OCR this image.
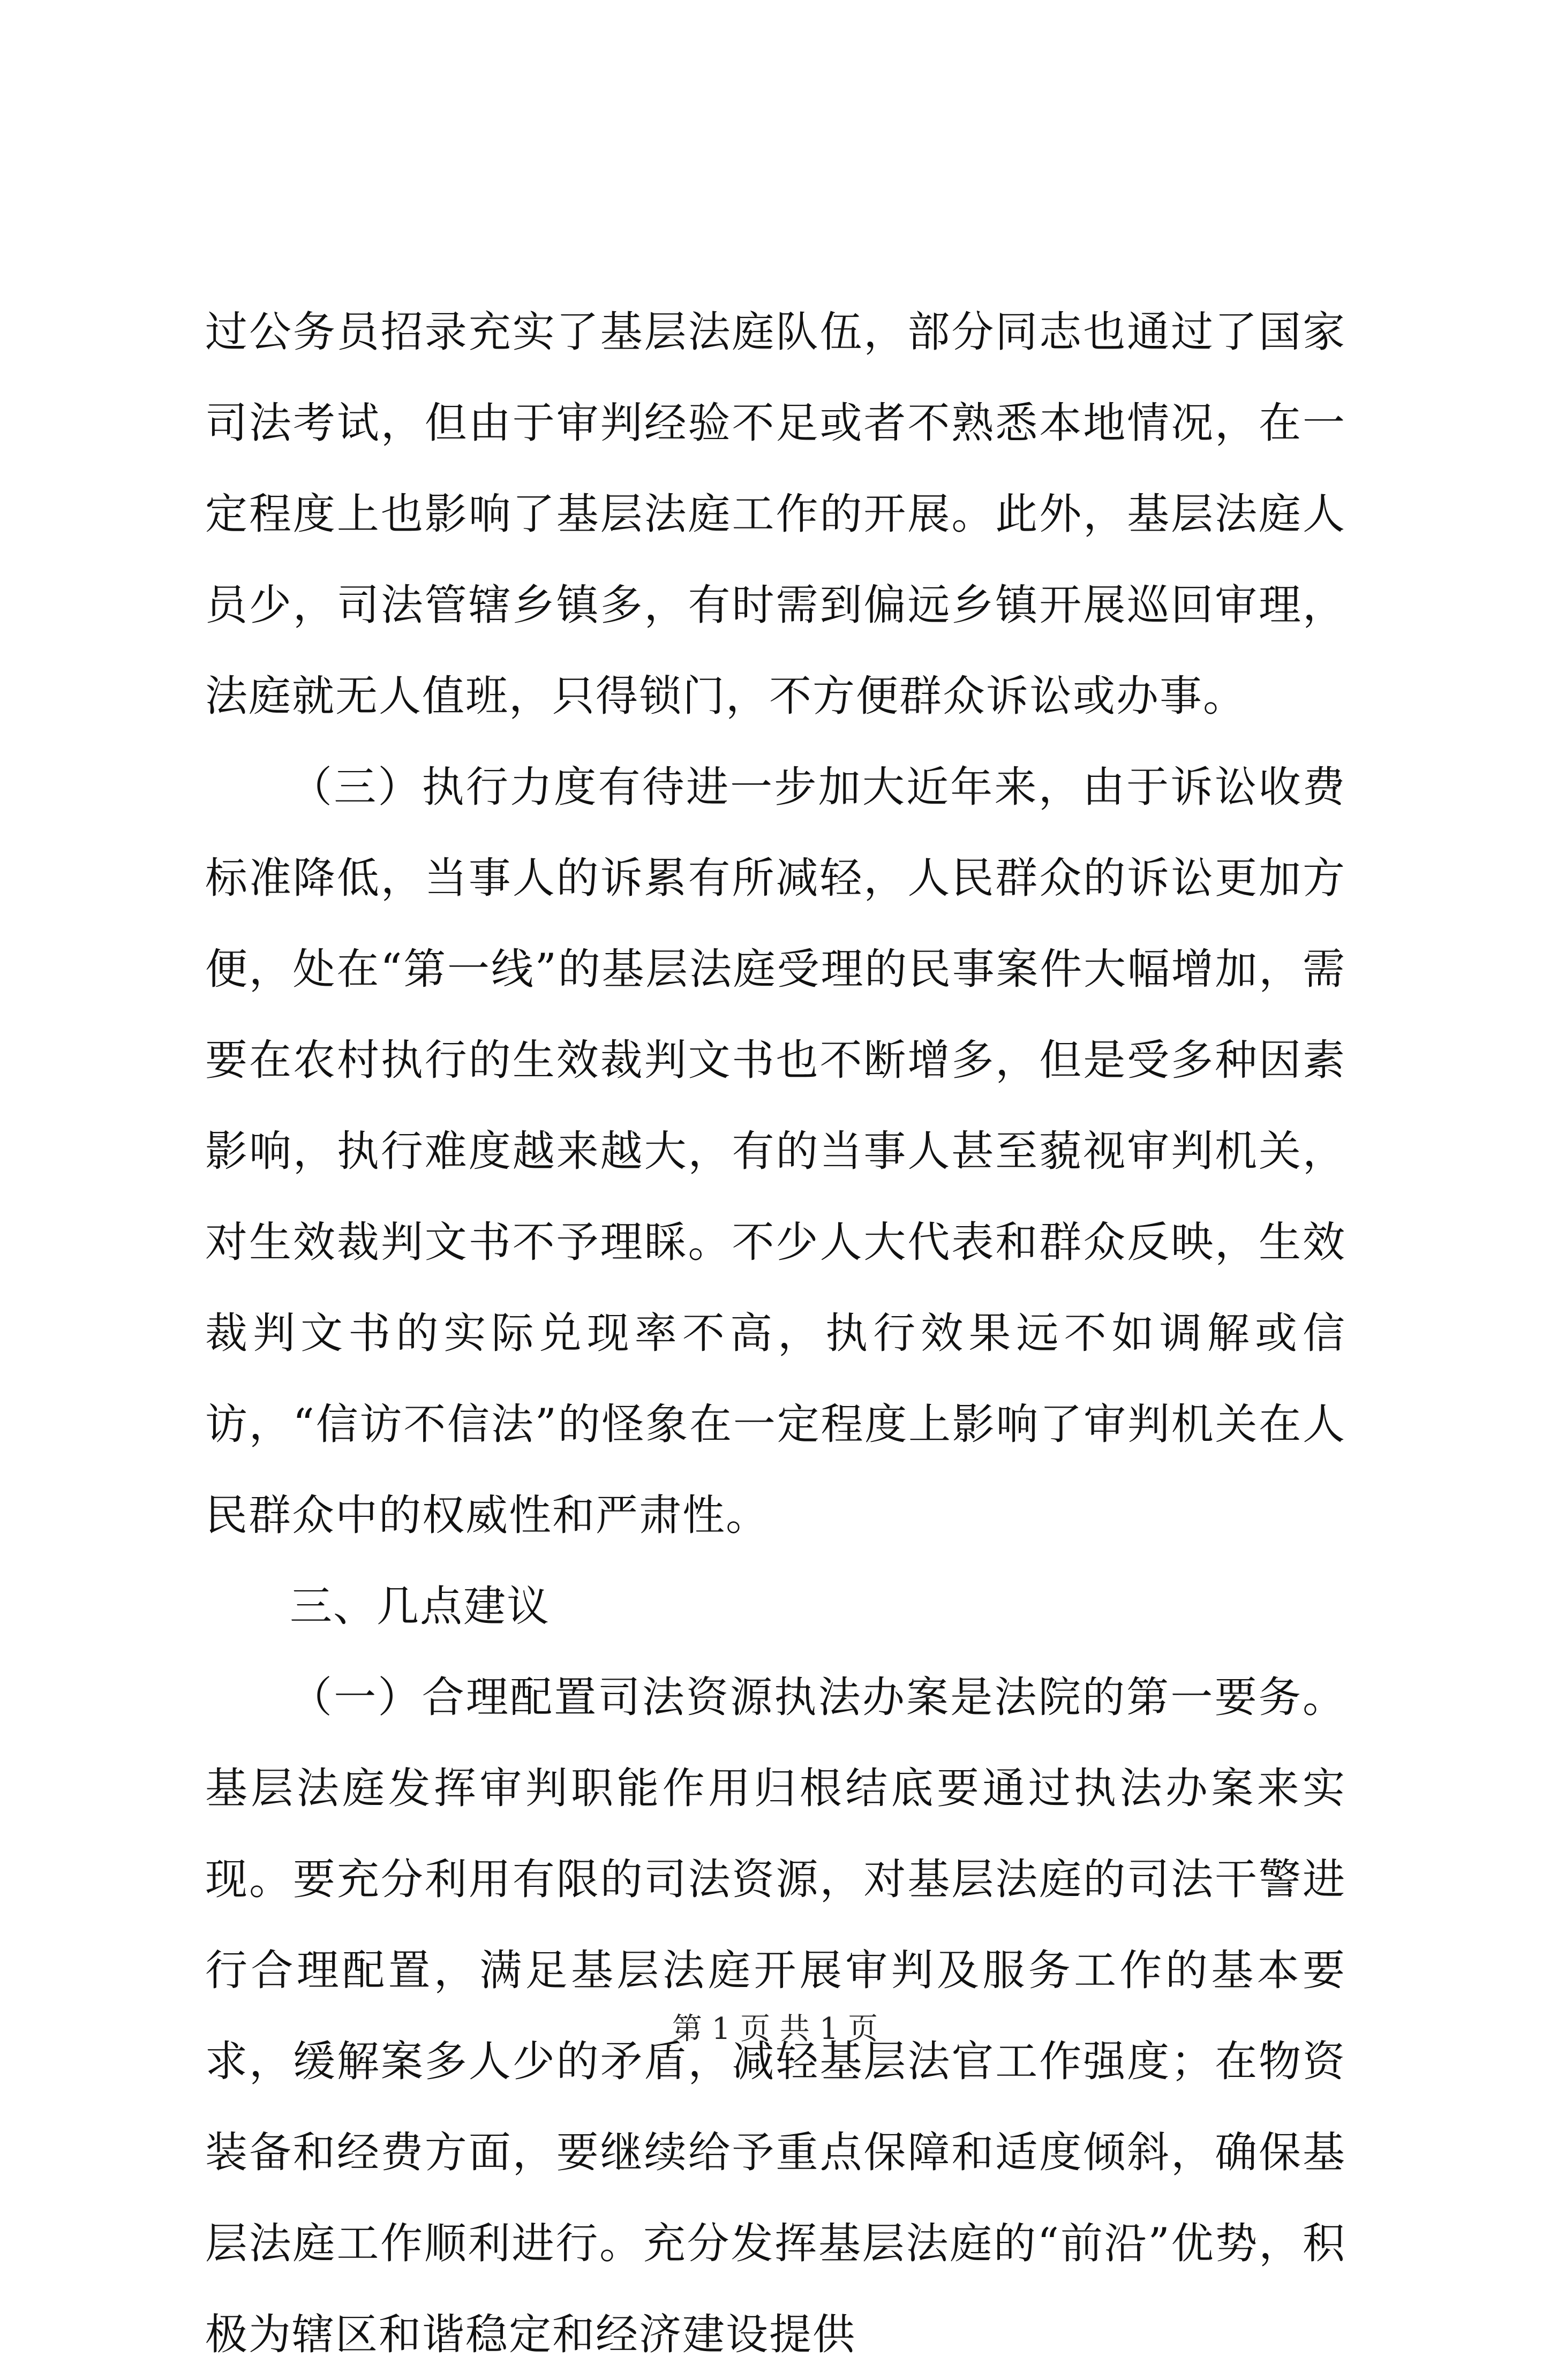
过公务员招录充实了基层法庭队伍，部分同志也通过了国家司法考试，但由于审判经验不足或者不熟悉本地情况，在一定程度上也影响了基层法庭工作的开展。此外，基层法庭人员少，司法管辖乡镇多，有时需到偏远乡镇开展巡回审理，法庭就无人值班，只得锁门，不方便群众诉讼或办事。

（三）执行力度有待进一步加大近年来，由于诉讼收费标准降低，当事人的诉累有所减轻，人民群众的诉讼更加方便，处在“第一线”的基层法庭受理的民事案件大幅增加，需要在农村执行的生效裁判文书也不断增多，但是受多种因素影响，执行难度越来越大，有的当事人甚至藐视审判机关，对生效裁判文书不予理睬。不少人大代表和群众反映，生效裁判文书的实际兑现率不高，执行效果远不如调解或信访，“信访不信法”的怪象在一定程度上影响了审判机关在人民群众中的权威性和严肃性。

三、几点建议

（一）合理配置司法资源执法办案是法院的第一要务。基层法庭发挥审判职能作用归根结底要通过执法办案来实现。要充分利用有限的司法资源，对基层法庭的司法干警进行合理配置，满足基层法庭开展审判及服务工作的基本要求，缓解案多人少的矛盾，减轻基层法官工作强度；在物资装备和经费方面，要继续给予重点保障和适度倾斜，确保基层法庭工作顺利进行。充分发挥基层法庭的“前沿”优势，积极为辖区和谐稳定和经济建设提供

第 1 页 共 1 页
